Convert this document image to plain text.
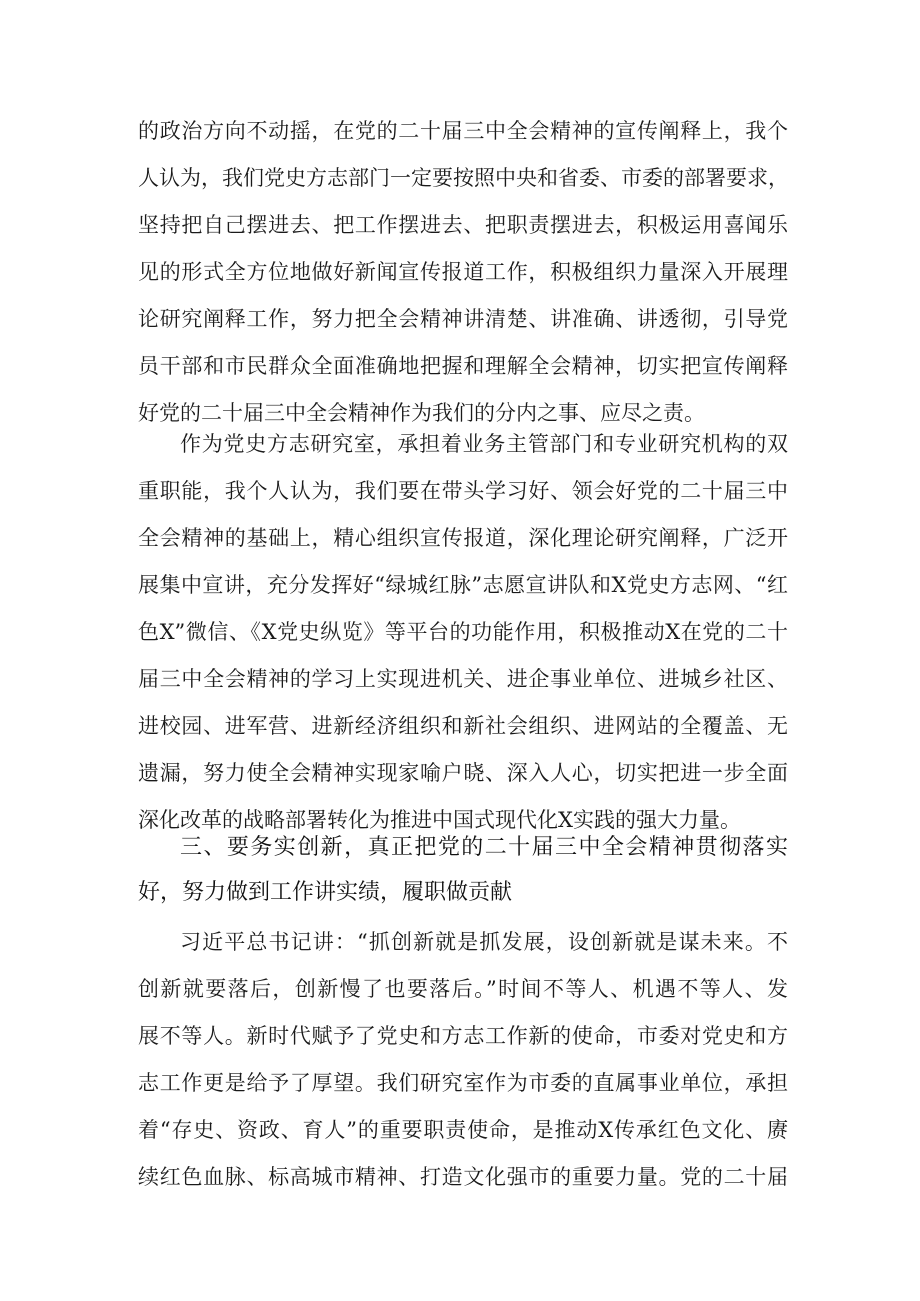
的政治方向不动摇，在党的二十届三中全会精神的宣传阐释上，我个
人认为，我们党史方志部门一定要按照中央和省委、市委的部署要求，
坚持把自己摆进去、把工作摆进去、把职责摆进去，积极运用喜闻乐
见的形式全方位地做好新闻宣传报道工作，积极组织力量深入开展理
论研究阐释工作，努力把全会精神讲清楚、讲准确、讲透彻，引导党
员干部和市民群众全面准确地把握和理解全会精神，切实把宣传阐释
好党的二十届三中全会精神作为我们的分内之事、应尽之责。
作为党史方志研究室，承担着业务主管部门和专业研究机构的双
重职能，我个人认为，我们要在带头学习好、领会好党的二十届三中
全会精神的基础上，精心组织宣传报道，深化理论研究阐释，广泛开
展集中宣讲，充分发挥好“绿城红脉”志愿宣讲队和X党史方志网、“红
色X”微信、《X党史纵览》等平台的功能作用，积极推动X在党的二十
届三中全会精神的学习上实现进机关、进企事业单位、进城乡社区、
进校园、进军营、进新经济组织和新社会组织、进网站的全覆盖、无
遗漏，努力使全会精神实现家喻户晓、深入人心，切实把进一步全面
深化改革的战略部署转化为推进中国式现代化X实践的强大力量。
三、要务实创新，真正把党的二十届三中全会精神贯彻落实
好，努力做到工作讲实绩，履职做贡献
习近平总书记讲：“抓创新就是抓发展，设创新就是谋未来。不
创新就要落后，创新慢了也要落后。”时间不等人、机遇不等人、发
展不等人。新时代赋予了党史和方志工作新的使命，市委对党史和方
志工作更是给予了厚望。我们研究室作为市委的直属事业单位，承担
着“存史、资政、育人”的重要职责使命，是推动X传承红色文化、赓
续红色血脉、标高城市精神、打造文化强市的重要力量。党的二十届
